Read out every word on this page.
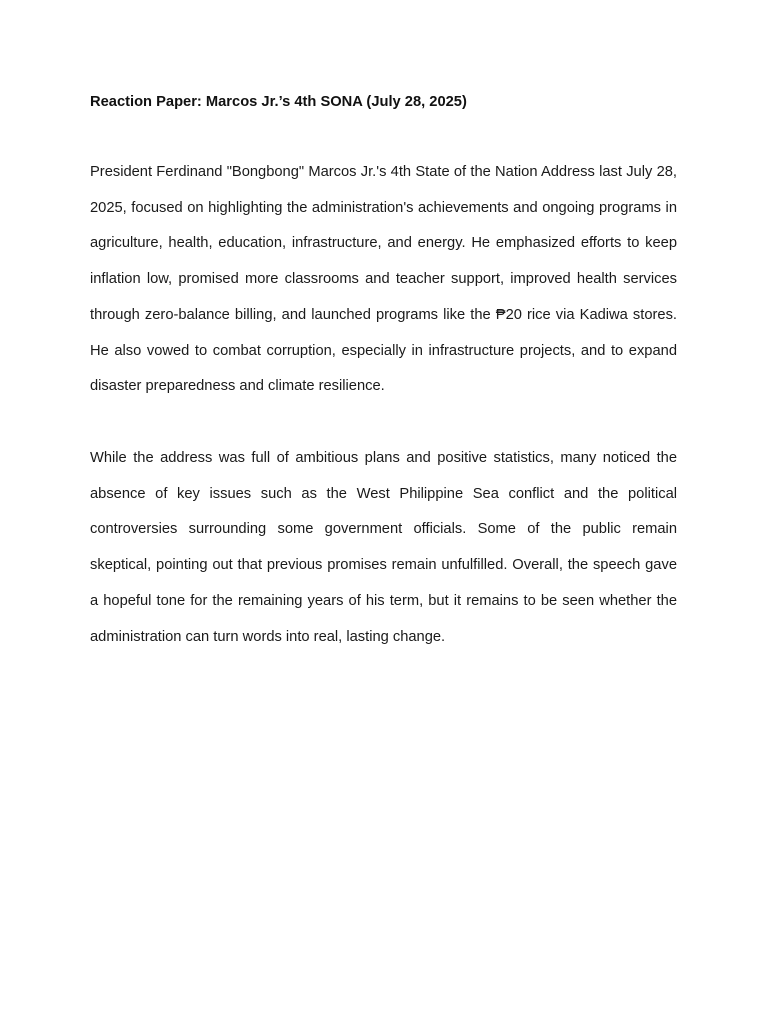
Reaction Paper: Marcos Jr.’s 4th SONA (July 28, 2025)

President Ferdinand "Bongbong" Marcos Jr.'s 4th State of the Nation Address last July 28, 2025, focused on highlighting the administration's achievements and ongoing programs in agriculture, health, education, infrastructure, and energy. He emphasized efforts to keep inflation low, promised more classrooms and teacher support, improved health services through zero-balance billing, and launched programs like the ₱20 rice via Kadiwa stores. He also vowed to combat corruption, especially in infrastructure projects, and to expand disaster preparedness and climate resilience.

While the address was full of ambitious plans and positive statistics, many noticed the absence of key issues such as the West Philippine Sea conflict and the political controversies surrounding some government officials. Some of the public remain skeptical, pointing out that previous promises remain unfulfilled. Overall, the speech gave a hopeful tone for the remaining years of his term, but it remains to be seen whether the administration can turn words into real, lasting change.
